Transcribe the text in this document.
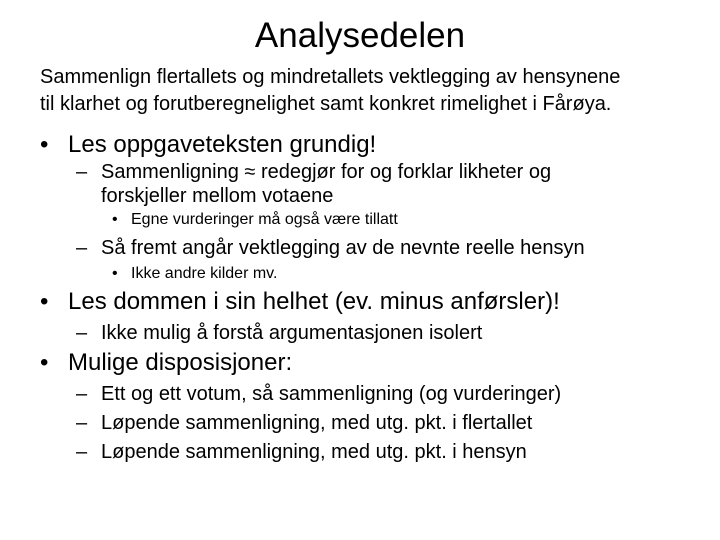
Analysedelen
Sammenlign flertallets og mindretallets vektlegging av hensynene
til klarhet og forutberegnelighet samt konkret rimelighet i Fårøya.
• Les oppgaveteksten grundig!
– Sammenligning ≈ redegjør for og forklar likheter og
forskjeller mellom votaene
• Egne vurderinger må også være tillatt
– Så fremt angår vektlegging av de nevnte reelle hensyn
• Ikke andre kilder mv.
• Les dommen i sin helhet (ev. minus anførsler)!
– Ikke mulig å forstå argumentasjonen isolert
• Mulige disposisjoner:
– Ett og ett votum, så sammenligning (og vurderinger)
– Løpende sammenligning, med utg. pkt. i flertallet
– Løpende sammenligning, med utg. pkt. i hensyn
